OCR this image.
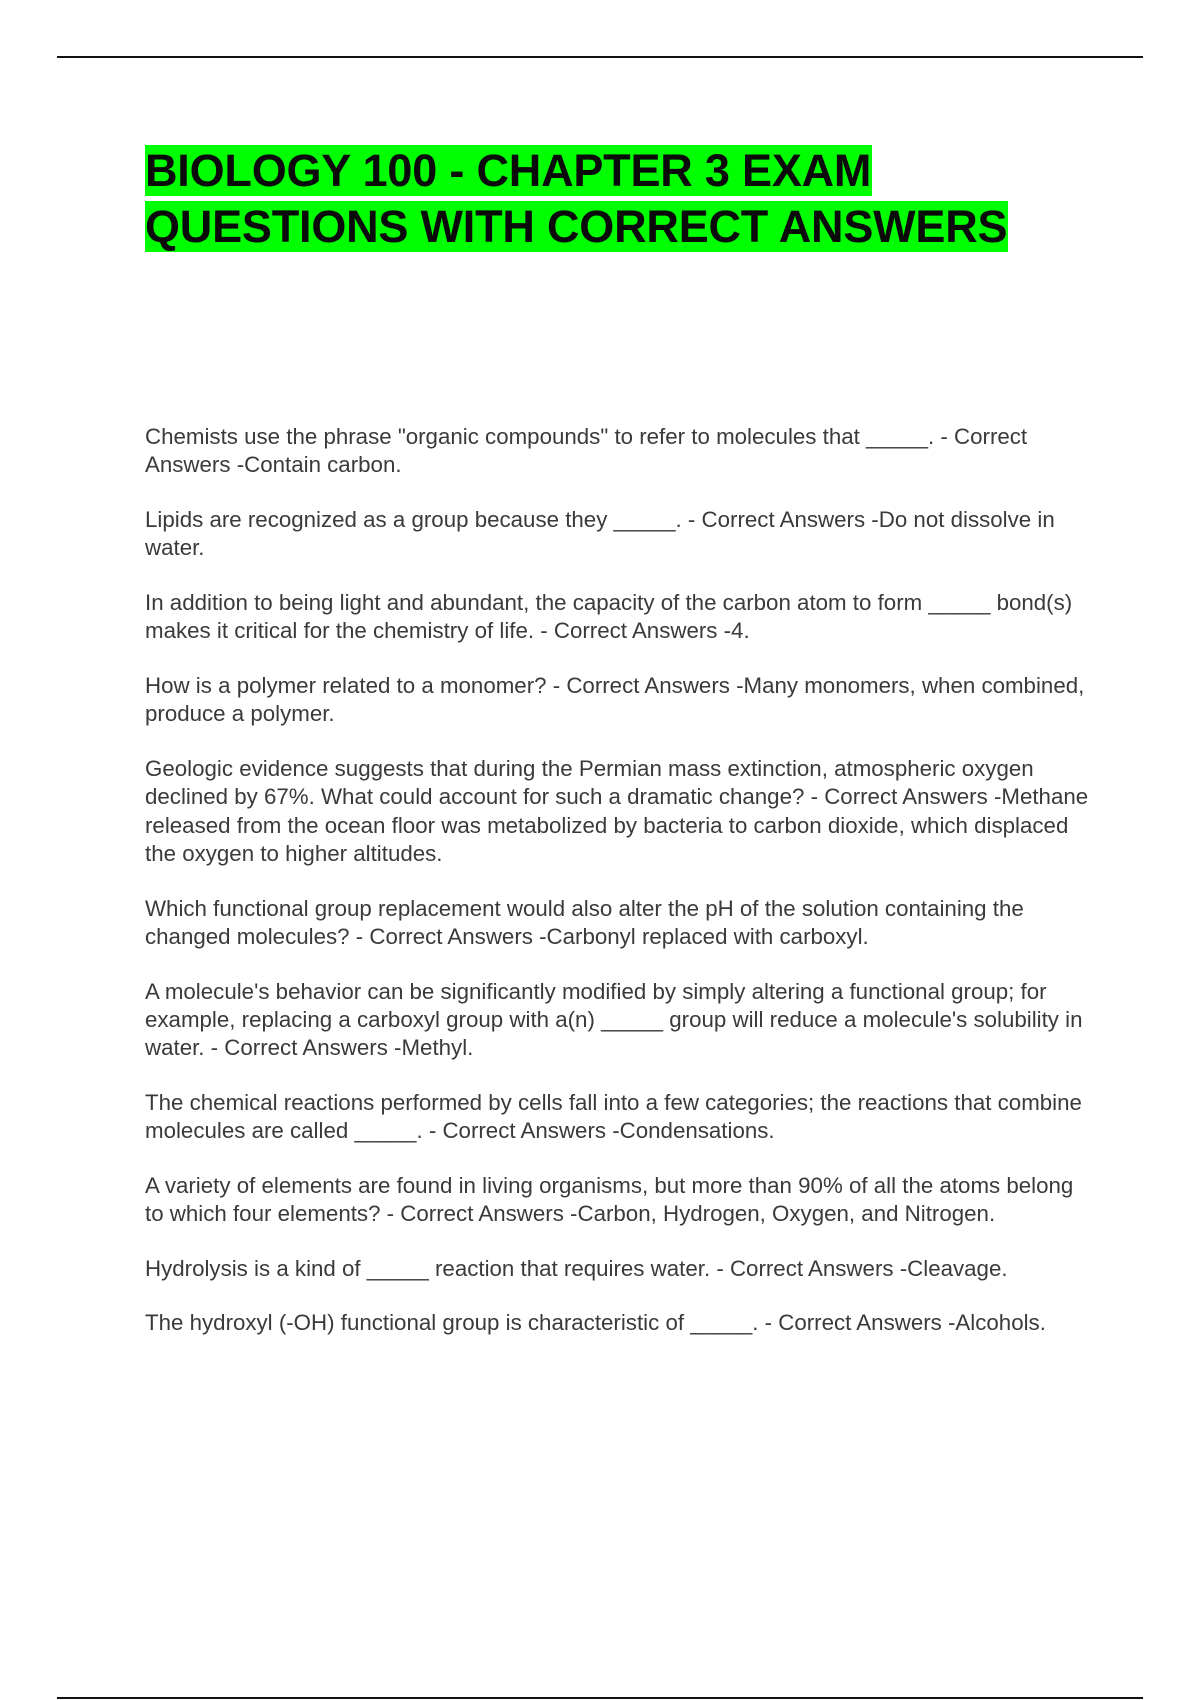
BIOLOGY 100 - CHAPTER 3 EXAM
QUESTIONS WITH CORRECT ANSWERS
Chemists use the phrase "organic compounds" to refer to molecules that _____. - Correct Answers -Contain carbon.
Lipids are recognized as a group because they _____. - Correct Answers -Do not dissolve in water.
In addition to being light and abundant, the capacity of the carbon atom to form _____ bond(s) makes it critical for the chemistry of life. - Correct Answers -4.
How is a polymer related to a monomer? - Correct Answers -Many monomers, when combined, produce a polymer.
Geologic evidence suggests that during the Permian mass extinction, atmospheric oxygen declined by 67%. What could account for such a dramatic change? - Correct Answers -Methane released from the ocean floor was metabolized by bacteria to carbon dioxide, which displaced the oxygen to higher altitudes.
Which functional group replacement would also alter the pH of the solution containing the changed molecules? - Correct Answers -Carbonyl replaced with carboxyl.
A molecule's behavior can be significantly modified by simply altering a functional group; for example, replacing a carboxyl group with a(n) _____ group will reduce a molecule's solubility in water. - Correct Answers -Methyl.
The chemical reactions performed by cells fall into a few categories; the reactions that combine molecules are called _____. - Correct Answers -Condensations.
A variety of elements are found in living organisms, but more than 90% of all the atoms belong to which four elements? - Correct Answers -Carbon, Hydrogen, Oxygen, and Nitrogen.
Hydrolysis is a kind of _____ reaction that requires water. - Correct Answers -Cleavage.
The hydroxyl (-OH) functional group is characteristic of _____. - Correct Answers -Alcohols.
